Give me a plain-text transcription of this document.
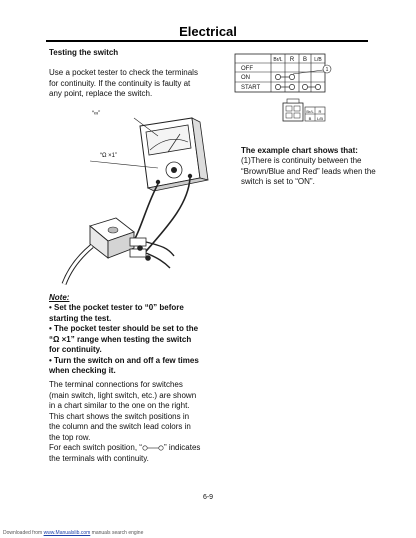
Electrical
Testing the switch
Use a pocket tester to check the terminals
for continuity. If the continuity is faulty at
any point, replace the switch.
“∞”
“Ω ×1”
Br/L R B L/B
OFF
ON
START
1
Br/L R
B L/B
The example chart shows that:
(1)There is continuity between the
“Brown/Blue and Red” leads when the
switch is set to “ON”.
Note:
• Set the pocket tester to “0” before
starting the test.
• The pocket tester should be set to the
“Ω ×1” range when testing the switch
for continuity.
• Turn the switch on and off a few times
when checking it.
The terminal connections for switches
(main switch, light switch, etc.) are shown
in a chart similar to the one on the right.
This chart shows the switch positions in
the column and the switch lead colors in
the top row.
For each switch position, “	” indicates
the terminals with continuity.
6-9
Downloaded from www.Manualslib.com manuals search engine
